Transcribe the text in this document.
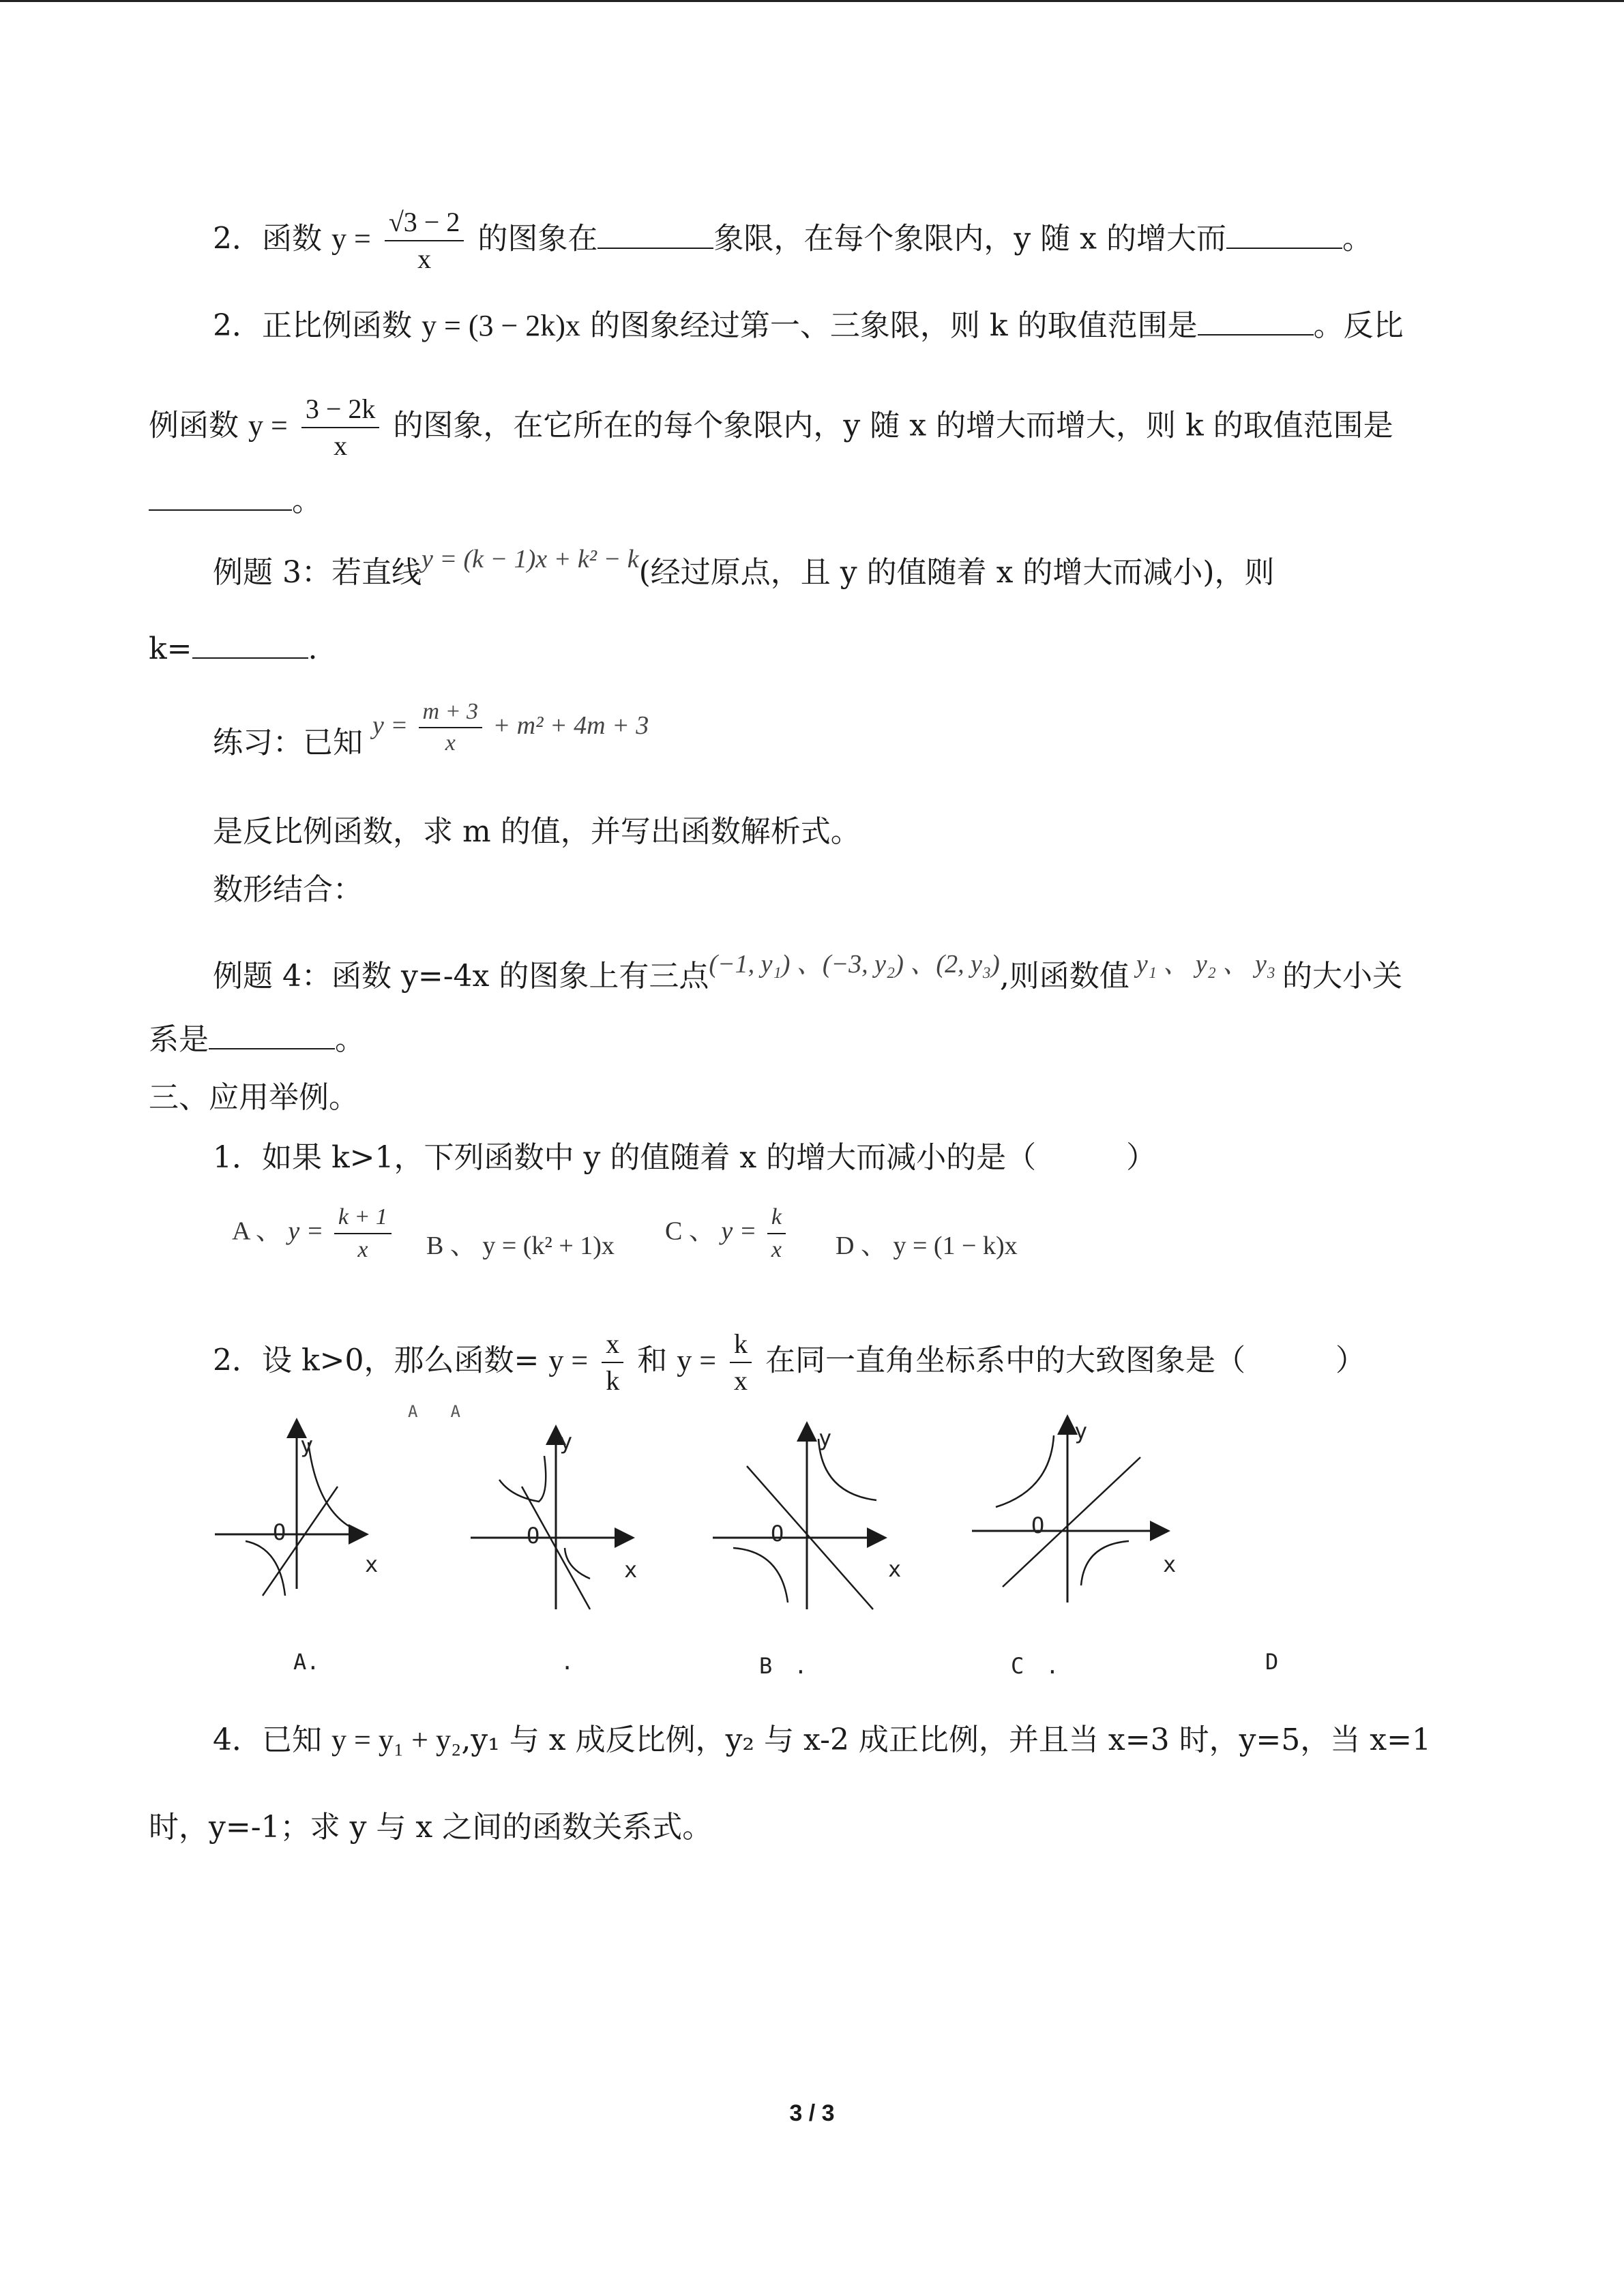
2．函数 $y = \frac{√3 - 2}{x}$ 的图象在	象限，在每个象限内，y 随 x 的增大而	。
2．正比例函数 y = (3 − 2k)x 的图象经过第一、三象限，则 k 的取值范围是	。反比
例函数 $y = \frac{3 - 2k}{x}$ 的图象，在它所在的每个象限内，y 随 x 的增大而增大，则 k 的取值范围是
。
例题 3：若直线y = (k − 1)x + k² − k(经过原点，且 y 的值随着 x 的增大而减小)，则
k=	.
练习：已知 $y = \frac{m + 3}{x} + m^2 + 4m + 3$
是反比例函数，求 m 的值，并写出函数解析式。
数形结合：
例题 4：函数 y=-4x 的图象上有三点(−1, y₁) 、(−3, y₂) 、(2, y₃),则函数值 y₁ 、 y₂ 、 y₃ 的大小关
系是	。
三、应用举例。
1．如果 k>1，下列函数中 y 的值随着 x 的增大而减小的是（　　　）
A 、 $y = \frac{k + 1}{x}$ B 、 y = (k² + 1)x
C 、 $y = \frac{k}{x}$ D 、 y = (1 − k)x
2．设 k>0，那么函数= $y = \frac{x}{k}$ 和 $y = \frac{k}{x}$ 在同一直角坐标系中的大致图象是（　　　）
A　　A
y
O
x
y
O
x
y
O
x
y
O
x
A.	.	B　.	C　.	D
4．已知 y = y₁ + y₂,y₁ 与 x 成反比例，y₂ 与 x-2 成正比例，并且当 x=3 时，y=5，当 x=1
时，y=-1；求 y 与 x 之间的函数关系式。
3 / 3
